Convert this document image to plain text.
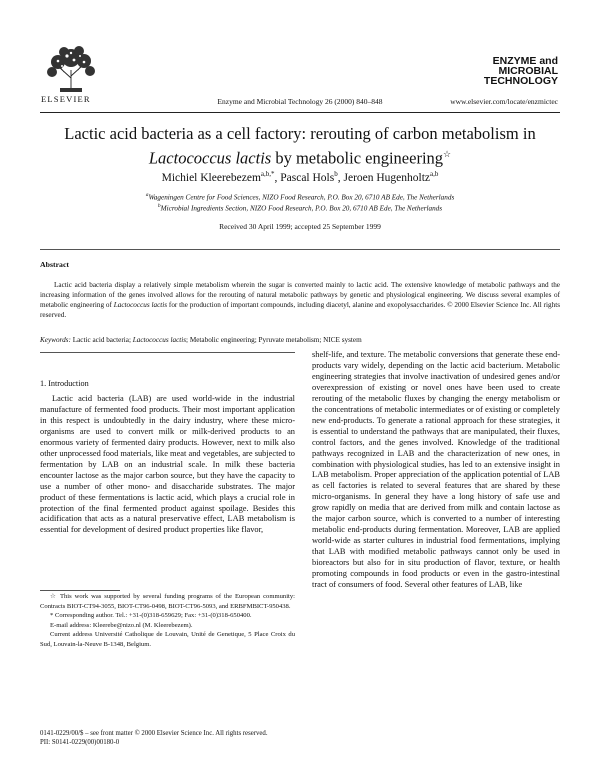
ELSEVIER	Enzyme and Microbial Technology 26 (2000) 840–848	www.elsevier.com/locate/enzmictec
ENZYME and
MICROBIAL
TECHNOLOGY
Lactic acid bacteria as a cell factory: rerouting of carbon metabolism in
Lactococcus lactis by metabolic engineering☆
Michiel Kleerebezem$^{a,b,*}$, Pascal Hols$^b$, Jeroen Hugenholtz$^{a,b}$
$^a$Wageningen Centre for Food Sciences, NIZO Food Research, P.O. Box 20, 6710 AB Ede, The Netherlands
$^b$Microbial Ingredients Section, NIZO Food Research, P.O. Box 20, 6710 AB Ede, The Netherlands
Received 30 April 1999; accepted 25 September 1999
Abstract
Lactic acid bacteria display a relatively simple metabolism wherein the sugar is converted mainly to lactic acid. The extensive knowledge of metabolic pathways and the increasing information of the genes involved allows for the rerouting of natural metabolic pathways by genetic and physiological engineering. We discuss several examples of metabolic engineering of Lactococcus lactis for the production of important compounds, including diacetyl, alanine and exopolysaccharides. © 2000 Elsevier Science Inc. All rights reserved.
Keywords: Lactic acid bacteria; Lactococcus lactis; Metabolic engineering; Pyruvate metabolism; NICE system
1. Introduction

Lactic acid bacteria (LAB) are used world-wide in the industrial manufacture of fermented food products. Their most important application in this respect is undoubtedly in the dairy industry, where these micro-organisms are used to convert milk or milk-derived products to an enormous variety of fermented dairy products. However, next to milk also other unprocessed food materials, like meat and vegetables, are subjected to fermentation by LAB on an industrial scale. In milk these bacteria encounter lactose as the major carbon source, but they have the capacity to use a number of other mono- and disaccharide substrates. The major product of these fermentations is lactic acid, which plays a crucial role in protection of the final fermented product against spoilage. Besides this acidification that acts as a natural preservative effect, LAB metabolism is essential for development of desired product properties like flavor,

shelf-life, and texture. The metabolic conversions that generate these end-products vary widely, depending on the lactic acid bacterium. Metabolic engineering strategies that involve inactivation of undesired genes and/or overexpression of existing or novel ones have been used to create rerouting of the metabolic fluxes by changing the energy metabolism or the concentrations of metabolic intermediates or of existing or completely new end-products. To generate a rational approach for these strategies, it is essential to understand the pathways that are manipulated, their fluxes, control factors, and the genes involved. Knowledge of the traditional pathways recognized in LAB and the characterization of new ones, in combination with physiological studies, has led to an extensive insight in LAB metabolism. Proper appreciation of the application potential of LAB as cell factories is related to several features that are shared by these micro-organisms. In general they have a long history of safe use and grow rapidly on media that are derived from milk and contain lactose as the major carbon source, which is converted to a number of interesting metabolic end-products during fermentation. Moreover, LAB are applied world-wide as starter cultures in industrial food fermentations, implying that LAB with modified metabolic pathways cannot only be used in bioreactors but also for in situ production of flavor, texture, or health promoting compounds in food products or even in the gastro-intestinal tract of consumers of food. Several other features of LAB, like

☆ This work was supported by several funding programs of the European community: Contracts BIOT-CT94-3055, BIOT-CT96-0498, BIOT-CT96-5093, and ERBFMBICT-950438.
* Corresponding author. Tel.: +31-(0)318-659629; Fax: +31-(0)318-650400.
E-mail address: Kleerebe@nizo.nl (M. Kleerebezem).
Current address Université Catholique de Louvain, Unité de Genetique, 5 Place Croix du Sud, Louvain-la-Neuve B-1348, Belgium.
0141-0229/00/$ – see front matter © 2000 Elsevier Science Inc. All rights reserved.
PII: S0141-0229(00)00180-0
